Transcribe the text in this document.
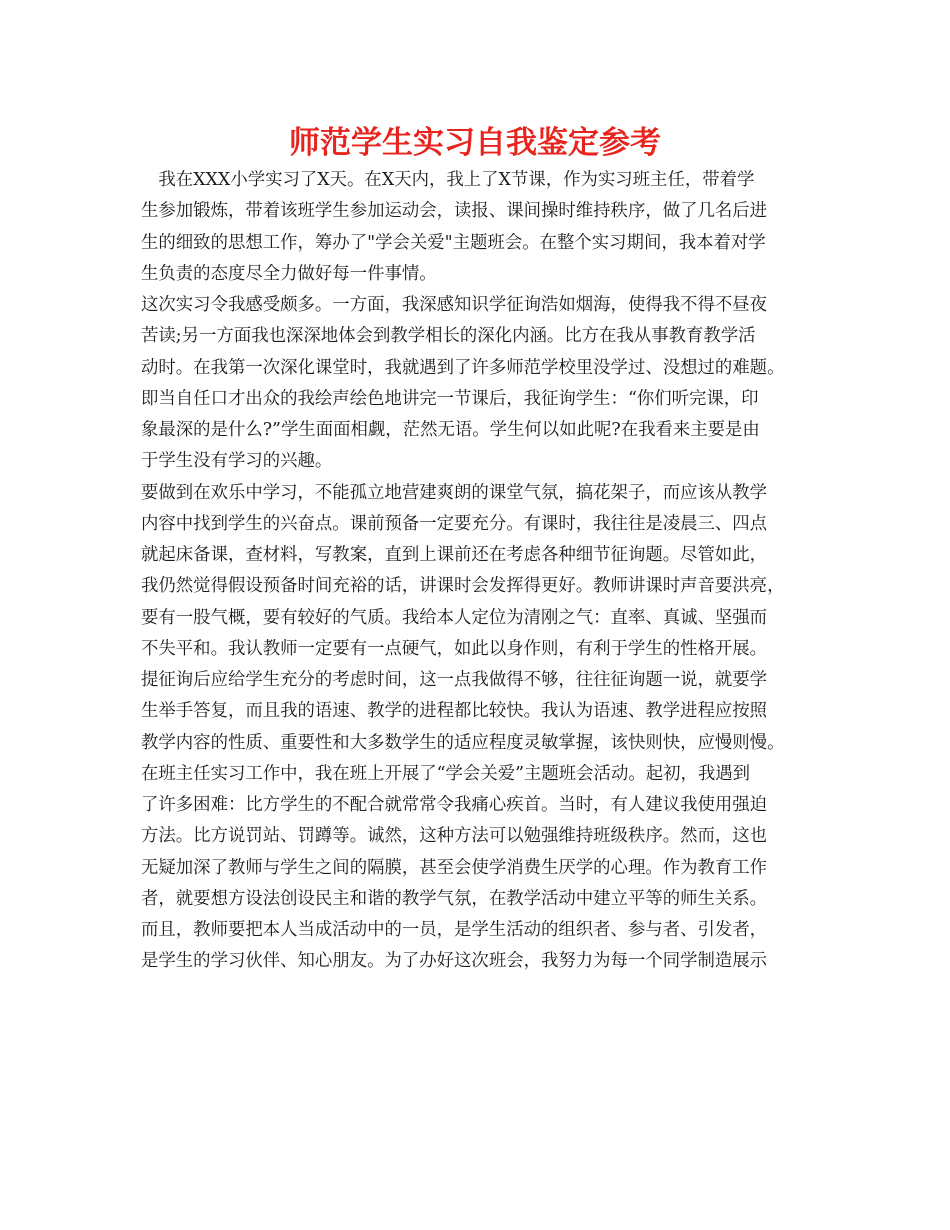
师范学生实习自我鉴定参考
　我在XXX小学实习了X天。在X天内，我上了X节课，作为实习班主任，带着学
生参加锻炼，带着该班学生参加运动会，读报、课间操时维持秩序，做了几名后进
生的细致的思想工作，筹办了"学会关爱"主题班会。在整个实习期间，我本着对学
生负责的态度尽全力做好每一件事情。
这次实习令我感受颇多。一方面，我深感知识学征询浩如烟海，使得我不得不昼夜
苦读;另一方面我也深深地体会到教学相长的深化内涵。比方在我从事教育教学活
动时。在我第一次深化课堂时，我就遇到了许多师范学校里没学过、没想过的难题。
即当自任口才出众的我绘声绘色地讲完一节课后，我征询学生：“你们听完课，印
象最深的是什么?”学生面面相觑，茫然无语。学生何以如此呢?在我看来主要是由
于学生没有学习的兴趣。
要做到在欢乐中学习，不能孤立地营建爽朗的课堂气氛，搞花架子，而应该从教学
内容中找到学生的兴奋点。课前预备一定要充分。有课时，我往往是凌晨三、四点
就起床备课，查材料，写教案，直到上课前还在考虑各种细节征询题。尽管如此，
我仍然觉得假设预备时间充裕的话，讲课时会发挥得更好。教师讲课时声音要洪亮，
要有一股气概，要有较好的气质。我给本人定位为清刚之气：直率、真诚、坚强而
不失平和。我认教师一定要有一点硬气，如此以身作则，有利于学生的性格开展。
提征询后应给学生充分的考虑时间，这一点我做得不够，往往征询题一说，就要学
生举手答复，而且我的语速、教学的进程都比较快。我认为语速、教学进程应按照
教学内容的性质、重要性和大多数学生的适应程度灵敏掌握，该快则快，应慢则慢。
在班主任实习工作中，我在班上开展了“学会关爱”主题班会活动。起初，我遇到
了许多困难：比方学生的不配合就常常令我痛心疾首。当时，有人建议我使用强迫
方法。比方说罚站、罚蹲等。诚然，这种方法可以勉强维持班级秩序。然而，这也
无疑加深了教师与学生之间的隔膜，甚至会使学消费生厌学的心理。作为教育工作
者，就要想方设法创设民主和谐的教学气氛，在教学活动中建立平等的师生关系。
而且，教师要把本人当成活动中的一员，是学生活动的组织者、参与者、引发者，
是学生的学习伙伴、知心朋友。为了办好这次班会，我努力为每一个同学制造展示
